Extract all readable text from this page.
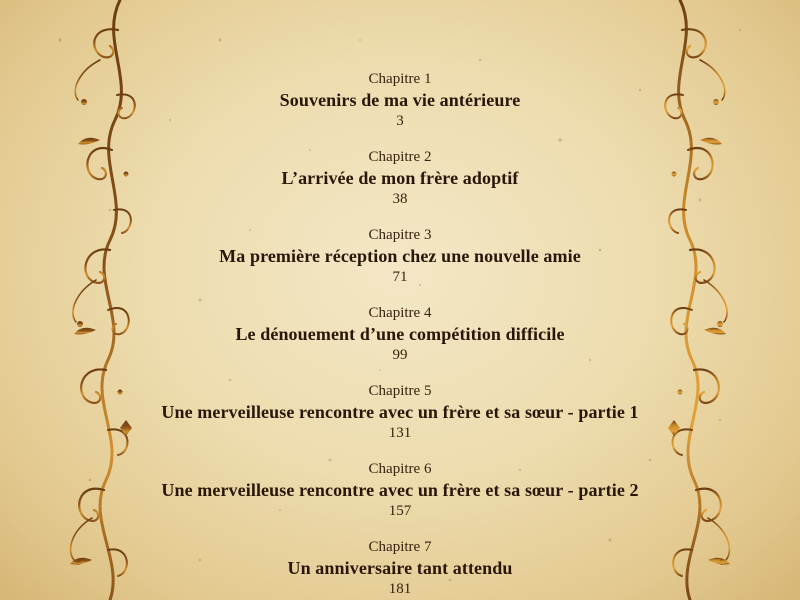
Chapitre 1
Souvenirs de ma vie antérieure
3
Chapitre 2
L’arrivée de mon frère adoptif
38
Chapitre 3
Ma première réception chez une nouvelle amie
71
Chapitre 4
Le dénouement d’une compétition difficile
99
Chapitre 5
Une merveilleuse rencontre avec un frère et sa sœur - partie 1
131
Chapitre 6
Une merveilleuse rencontre avec un frère et sa sœur - partie 2
157
Chapitre 7
Un anniversaire tant attendu
181
